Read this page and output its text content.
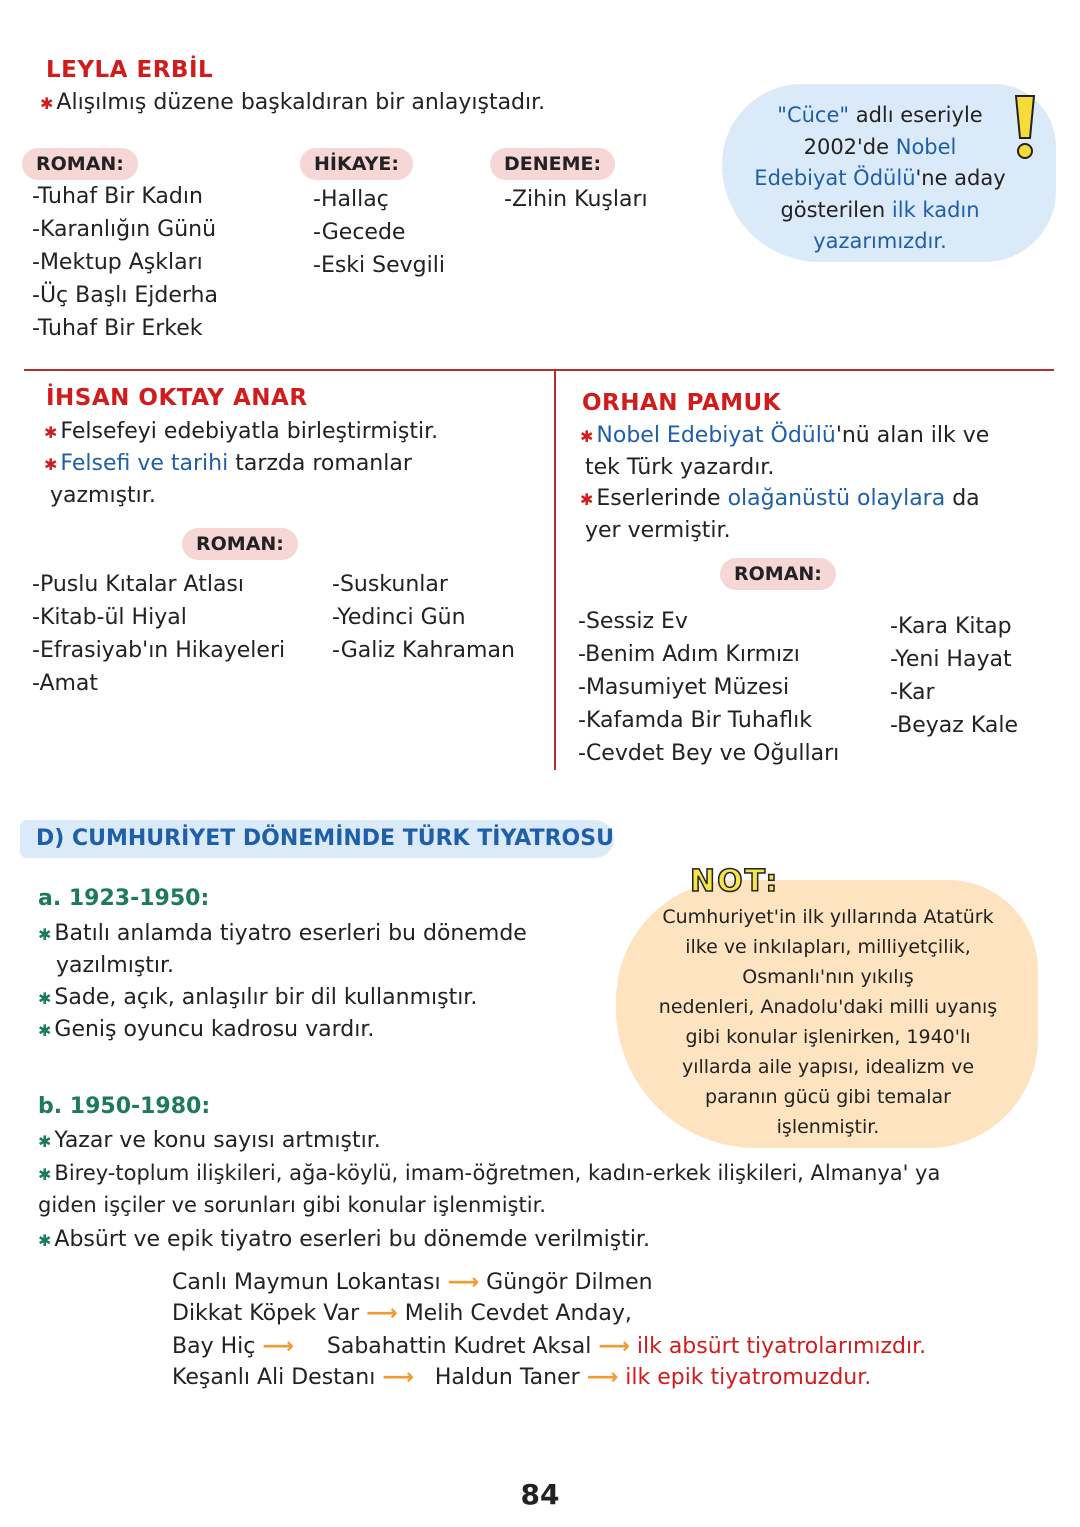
LEYLA ERBİL
✱ Alışılmış düzene başkaldıran bir anlayıştadır.
ROMAN:
-Tuhaf Bir Kadın
-Karanlığın Günü
-Mektup Aşkları
-Üç Başlı Ejderha
-Tuhaf Bir Erkek
HİKAYE:
-Hallaç
-Gecede
-Eski Sevgili
DENEME:
-Zihin Kuşları
"Cüce" adlı eseriyle
2002'de Nobel
Edebiyat Ödülü'ne aday
gösterilen ilk kadın
yazarımızdır.
İHSAN OKTAY ANAR
✱ Felsefeyi edebiyatla birleştirmiştir.
✱ Felsefi ve tarihi tarzda romanlar
yazmıştır.
ROMAN:
-Puslu Kıtalar Atlası
-Kitab-ül Hiyal
-Efrasiyab'ın Hikayeleri
-Amat
-Suskunlar
-Yedinci Gün
-Galiz Kahraman
ORHAN PAMUK
✱ Nobel Edebiyat Ödülü'nü alan ilk ve
tek Türk yazardır.
✱ Eserlerinde olağanüstü olaylara da
yer vermiştir.
ROMAN:
-Sessiz Ev
-Benim Adım Kırmızı
-Masumiyet Müzesi
-Kafamda Bir Tuhaflık
-Cevdet Bey ve Oğulları
-Kara Kitap
-Yeni Hayat
-Kar
-Beyaz Kale
D) CUMHURİYET DÖNEMİNDE TÜRK TİYATROSU
a. 1923-1950:
✱ Batılı anlamda tiyatro eserleri bu dönemde
yazılmıştır.
✱ Sade, açık, anlaşılır bir dil kullanmıştır.
✱ Geniş oyuncu kadrosu vardır.
NOT:
Cumhuriyet'in ilk yıllarında Atatürk
ilke ve inkılapları, milliyetçilik,
Osmanlı'nın yıkılış
nedenleri, Anadolu'daki milli uyanış
gibi konular işlenirken, 1940'lı
yıllarda aile yapısı, idealizm ve
paranın gücü gibi temalar
işlenmiştir.
b. 1950-1980:
✱ Yazar ve konu sayısı artmıştır.
✱ Birey-toplum ilişkileri, ağa-köylü, imam-öğretmen, kadın-erkek ilişkileri, Almanya' ya
giden işçiler ve sorunları gibi konular işlenmiştir.
✱ Absürt ve epik tiyatro eserleri bu dönemde verilmiştir.
Canlı Maymun Lokantası ⟶ Güngör Dilmen
Dikkat Köpek Var ⟶ Melih Cevdet Anday,
Bay Hiç ⟶ Sabahattin Kudret Aksal ⟶ ilk absürt tiyatrolarımızdır.
Keşanlı Ali Destanı ⟶ Haldun Taner ⟶ ilk epik tiyatromuzdur.
84
